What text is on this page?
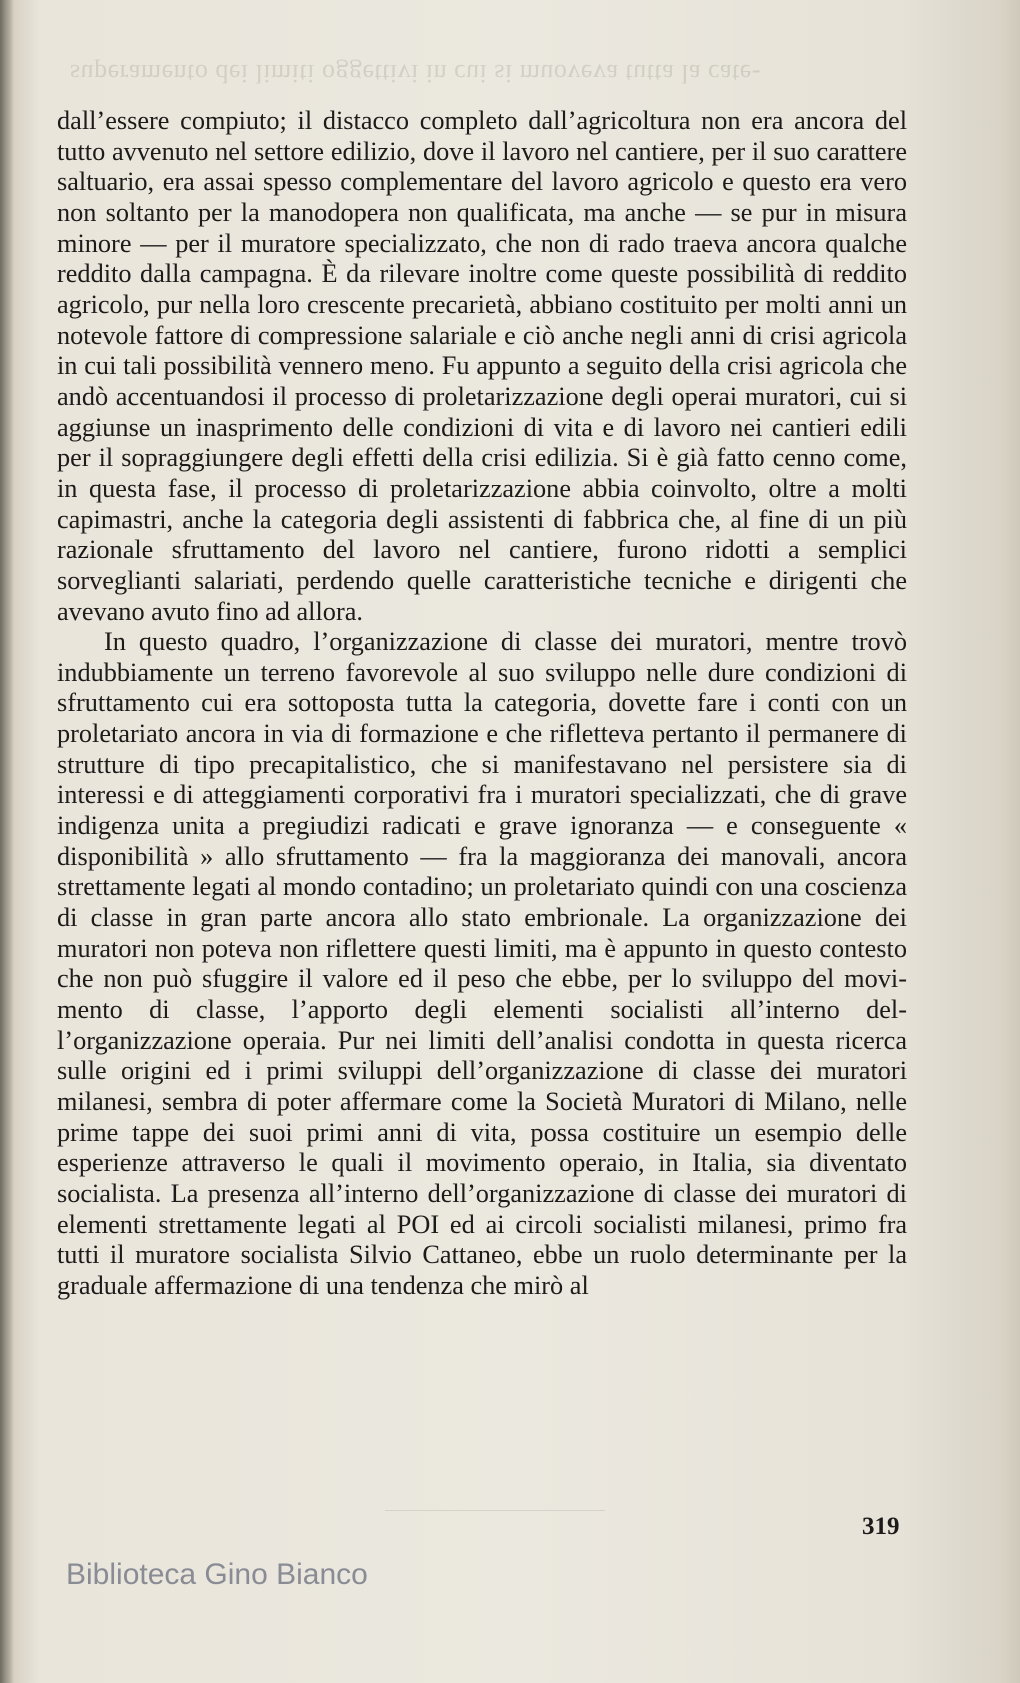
superamento dei limiti oggettivi in cui si muoveva tutta la cate-

dall’essere compiuto; il distacco completo dall’agricoltura non era ancora del tutto avvenuto nel settore edilizio, dove il lavoro nel cantiere, per il suo carattere saltuario, era assai spesso complementare del lavoro agricolo e questo era vero non soltanto per la manodopera non qualificata, ma anche — se pur in misura minore — per il muratore specializzato, che non di rado traeva ancora qualche reddito dalla campagna. È da rilevare inoltre come queste possibilità di reddito agricolo, pur nella loro crescente precarietà, abbiano costituito per molti anni un notevole fattore di compressione salariale e ciò anche negli anni di crisi agricola in cui tali possibilità vennero meno. Fu appunto a seguito della crisi agricola che andò accentuandosi il processo di proletarizzazione degli operai muratori, cui si aggiunse un inasprimento delle condizioni di vita e di lavoro nei cantieri edili per il sopraggiungere degli effetti della crisi edilizia. Si è già fatto cenno come, in questa fase, il processo di proletarizzazione abbia coinvolto, oltre a molti capimastri, anche la categoria degli assistenti di fabbrica che, al fine di un più razionale sfruttamento del lavoro nel cantiere, furono ridotti a semplici sorveglianti salariati, perdendo quelle caratteristiche tecniche e dirigenti che avevano avuto fino ad allora.

In questo quadro, l’organizzazione di classe dei muratori, mentre trovò indubbiamente un terreno favorevole al suo sviluppo nelle dure condizioni di sfruttamento cui era sottoposta tutta la categoria, dovette fare i conti con un proletariato ancora in via di formazione e che rifletteva pertanto il permanere di strutture di tipo precapitalistico, che si manifestavano nel persistere sia di interessi e di atteggiamenti corporativi fra i muratori specializzati, che di grave indigenza unita a pregiudizi radicati e grave ignoranza — e conseguente « disponibilità » allo sfruttamento — fra la maggioranza dei manovali, ancora strettamente legati al mondo contadino; un proletariato quindi con una coscienza di classe in gran parte ancora allo stato embrionale. La organizzazione dei muratori non poteva non riflettere questi limiti, ma è appunto in questo contesto che non può sfuggire il valore ed il peso che ebbe, per lo sviluppo del movimento di classe, l’apporto degli elementi socialisti all’interno dell’organizzazione operaia. Pur nei limiti dell’analisi condotta in questa ricerca sulle origini ed i primi sviluppi dell’organizzazione di classe dei muratori milanesi, sembra di poter affermare come la Società Muratori di Milano, nelle prime tappe dei suoi primi anni di vita, possa costituire un esempio delle esperienze attraverso le quali il movimento operaio, in Italia, sia diventato socialista. La presenza all’interno dell’organizzazione di classe dei muratori di elementi strettamente legati al POI ed ai circoli socialisti milanesi, primo fra tutti il muratore socialista Silvio Cattaneo, ebbe un ruolo determinante per la graduale affermazione di una tendenza che mirò al

319
Biblioteca Gino Bianco
